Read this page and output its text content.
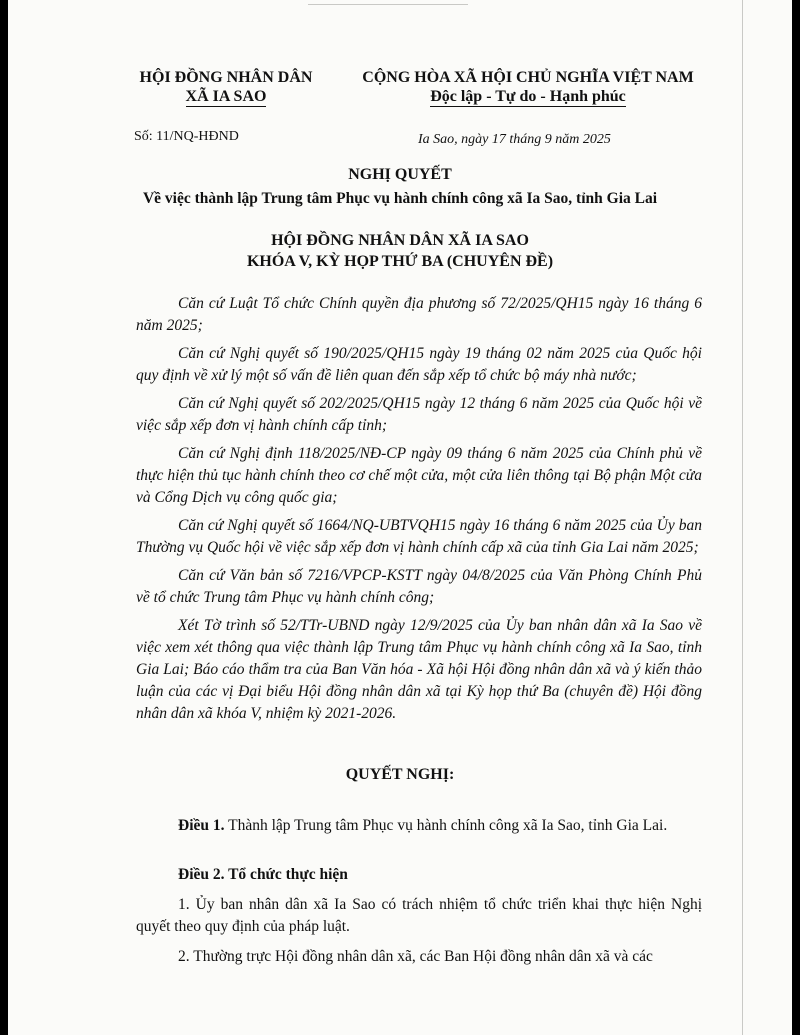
HỘI ĐỒNG NHÂN DÂN
XÃ IA SAO
CỘNG HÒA XÃ HỘI CHỦ NGHĨA VIỆT NAM
Độc lập - Tự do - Hạnh phúc
Số: 11/NQ-HĐND	Ia Sao, ngày 17 tháng 9 năm 2025
NGHỊ QUYẾT
Về việc thành lập Trung tâm Phục vụ hành chính công xã Ia Sao, tỉnh Gia Lai
HỘI ĐỒNG NHÂN DÂN XÃ IA SAO
KHÓA V, KỲ HỌP THỨ BA (CHUYÊN ĐỀ)

Căn cứ Luật Tổ chức Chính quyền địa phương số 72/2025/QH15 ngày 16 tháng 6 năm 2025;

Căn cứ Nghị quyết số 190/2025/QH15 ngày 19 tháng 02 năm 2025 của Quốc hội quy định về xử lý một số vấn đề liên quan đến sắp xếp tổ chức bộ máy nhà nước;

Căn cứ Nghị quyết số 202/2025/QH15 ngày 12 tháng 6 năm 2025 của Quốc hội về việc sắp xếp đơn vị hành chính cấp tỉnh;

Căn cứ Nghị định 118/2025/NĐ-CP ngày 09 tháng 6 năm 2025 của Chính phủ về thực hiện thủ tục hành chính theo cơ chế một cửa, một cửa liên thông tại Bộ phận Một cửa và Cổng Dịch vụ công quốc gia;

Căn cứ Nghị quyết số 1664/NQ-UBTVQH15 ngày 16 tháng 6 năm 2025 của Ủy ban Thường vụ Quốc hội về việc sắp xếp đơn vị hành chính cấp xã của tỉnh Gia Lai năm 2025;

Căn cứ Văn bản số 7216/VPCP-KSTT ngày 04/8/2025 của Văn Phòng Chính Phủ về tổ chức Trung tâm Phục vụ hành chính công;

Xét Tờ trình số 52/TTr-UBND ngày 12/9/2025 của Ủy ban nhân dân xã Ia Sao về việc xem xét thông qua việc thành lập Trung tâm Phục vụ hành chính công xã Ia Sao, tỉnh Gia Lai; Báo cáo thẩm tra của Ban Văn hóa - Xã hội Hội đồng nhân dân xã và ý kiến thảo luận của các vị Đại biểu Hội đồng nhân dân xã tại Kỳ họp thứ Ba (chuyên đề) Hội đồng nhân dân xã khóa V, nhiệm kỳ 2021-2026.

QUYẾT NGHỊ:

Điều 1. Thành lập Trung tâm Phục vụ hành chính công xã Ia Sao, tỉnh Gia Lai.

Điều 2. Tổ chức thực hiện

1. Ủy ban nhân dân xã Ia Sao có trách nhiệm tổ chức triển khai thực hiện Nghị quyết theo quy định của pháp luật.

2. Thường trực Hội đồng nhân dân xã, các Ban Hội đồng nhân dân xã và các
